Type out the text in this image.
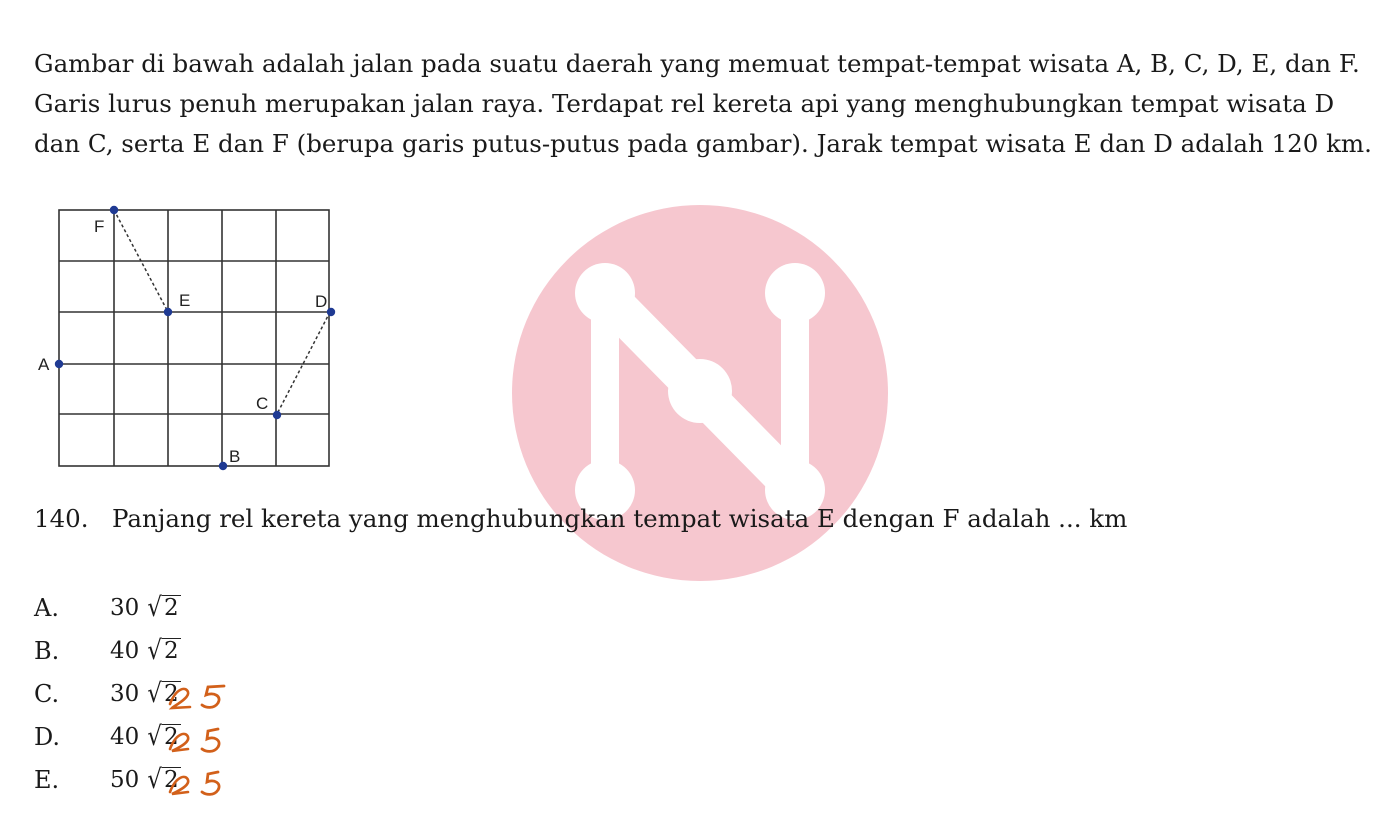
Gambar di bawah adalah jalan pada suatu daerah yang memuat tempat-tempat wisata A, B, C, D, E, dan F. Garis lurus penuh merupakan jalan raya. Terdapat rel kereta api yang menghubungkan tempat wisata D dan C, serta E dan F (berupa garis putus-putus pada gambar). Jarak tempat wisata E dan D adalah 120 km.

F
E	D
A
C
B

140. Panjang rel kereta yang menghubungkan tempat wisata E dengan F adalah ... km

A.	30 √2
B.	40 √2
C.	30 √2
5
D.	40 √2
5
E.	50 √2
5
